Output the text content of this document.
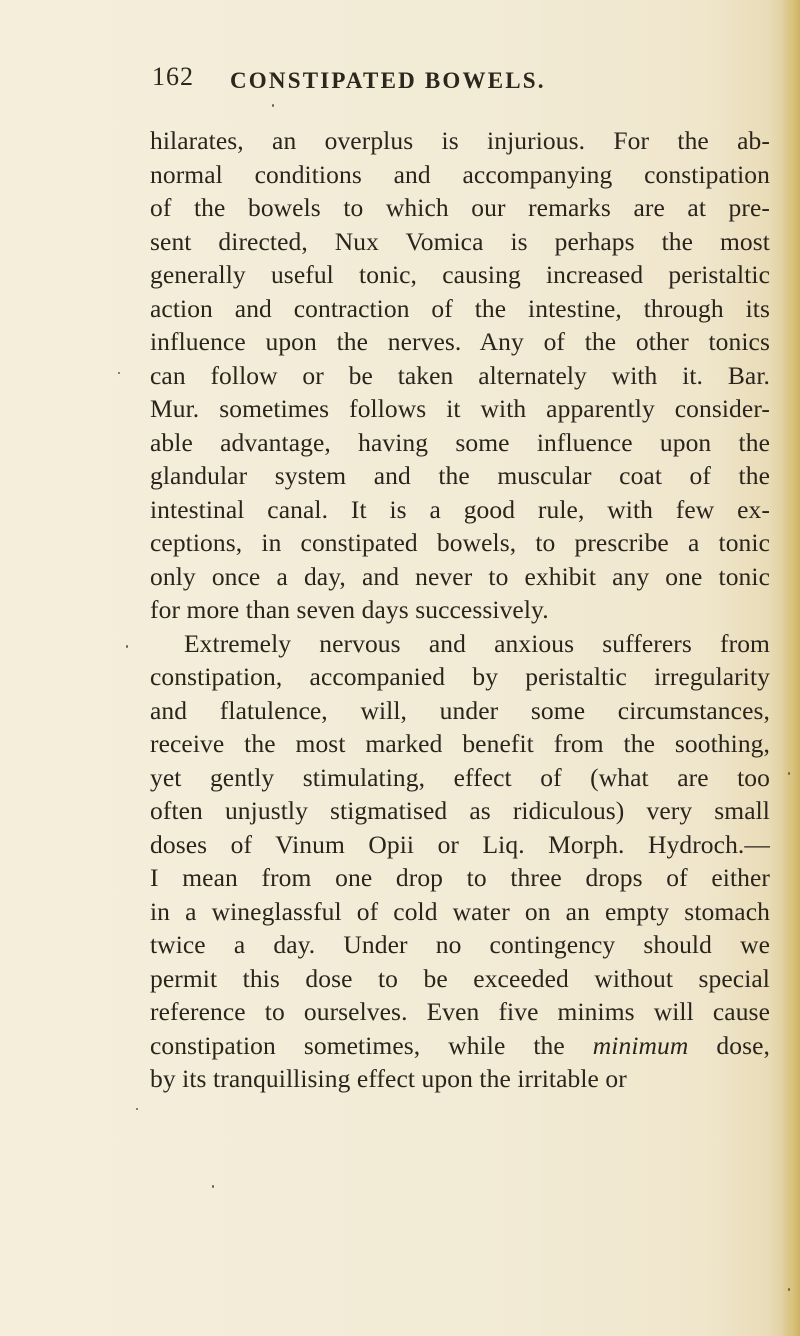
162 CONSTIPATED BOWELS.
hilarates, an overplus is injurious. For the ab-
normal conditions and accompanying constipation
of the bowels to which our remarks are at pre-
sent directed, Nux Vomica is perhaps the most
generally useful tonic, causing increased peristaltic
action and contraction of the intestine, through its
influence upon the nerves. Any of the other tonics
can follow or be taken alternately with it. Bar.
Mur. sometimes follows it with apparently consider-
able advantage, having some influence upon the
glandular system and the muscular coat of the
intestinal canal. It is a good rule, with few ex-
ceptions, in constipated bowels, to prescribe a tonic
only once a day, and never to exhibit any one tonic
for more than seven days successively.
Extremely nervous and anxious sufferers from
constipation, accompanied by peristaltic irregularity
and flatulence, will, under some circumstances,
receive the most marked benefit from the soothing,
yet gently stimulating, effect of (what are too
often unjustly stigmatised as ridiculous) very small
doses of Vinum Opii or Liq. Morph. Hydroch.—
I mean from one drop to three drops of either
in a wineglassful of cold water on an empty stomach
twice a day. Under no contingency should we
permit this dose to be exceeded without special
reference to ourselves. Even five minims will cause
constipation sometimes, while the minimum dose,
by its tranquillising effect upon the irritable or
